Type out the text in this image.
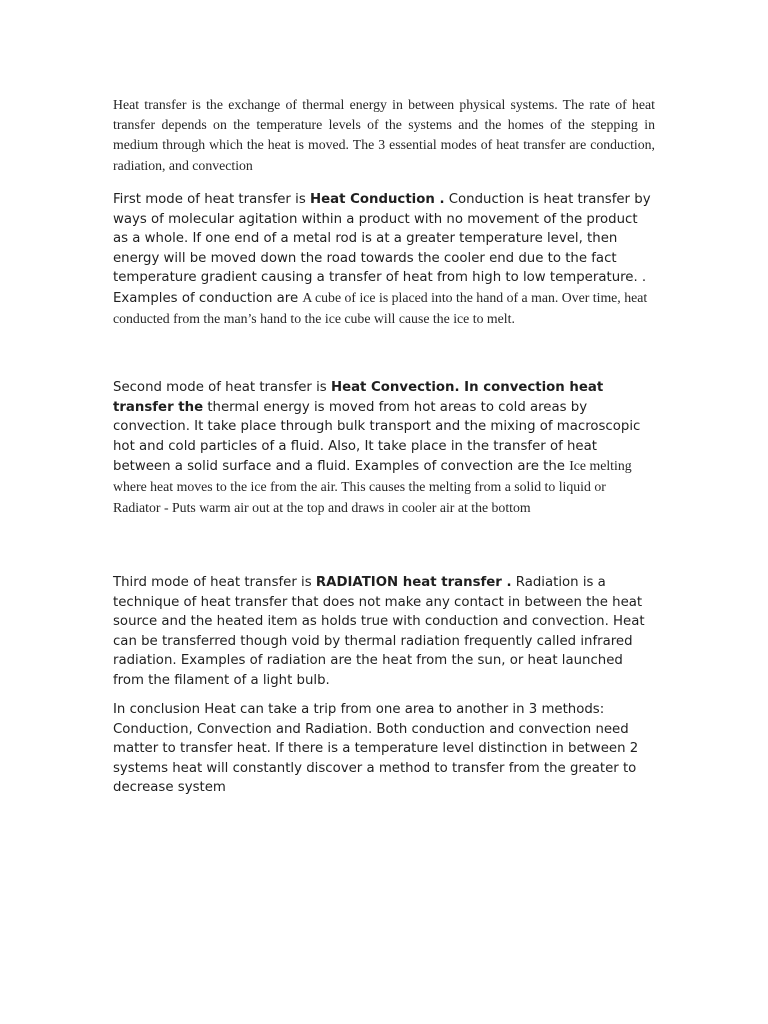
Heat transfer is the exchange of thermal energy in between physical systems. The rate of heat transfer depends on the temperature levels of the systems and the homes of the stepping in medium through which the heat is moved. The 3 essential modes of heat transfer are conduction, radiation, and convection

First mode of heat transfer is Heat Conduction . Conduction is heat transfer by ways of molecular agitation within a product with no movement of the product as a whole. If one end of a metal rod is at a greater temperature level, then energy will be moved down the road towards the cooler end due to the fact temperature gradient causing a transfer of heat from high to low temperature. . Examples of conduction are A cube of ice is placed into the hand of a man. Over time, heat conducted from the man’s hand to the ice cube will cause the ice to melt.

Second mode of heat transfer is Heat Convection. In convection heat transfer the thermal energy is moved from hot areas to cold areas by convection. It take place through bulk transport and the mixing of macroscopic hot and cold particles of a fluid. Also, It take place in the transfer of heat between a solid surface and a fluid. Examples of convection are the Ice melting where heat moves to the ice from the air. This causes the melting from a solid to liquid or Radiator - Puts warm air out at the top and draws in cooler air at the bottom

Third mode of heat transfer is RADIATION heat transfer . Radiation is a technique of heat transfer that does not make any contact in between the heat source and the heated item as holds true with conduction and convection. Heat can be transferred though void by thermal radiation frequently called infrared radiation. Examples of radiation are the heat from the sun, or heat launched from the filament of a light bulb.

In conclusion Heat can take a trip from one area to another in 3 methods: Conduction, Convection and Radiation. Both conduction and convection need matter to transfer heat. If there is a temperature level distinction in between 2 systems heat will constantly discover a method to transfer from the greater to decrease system
